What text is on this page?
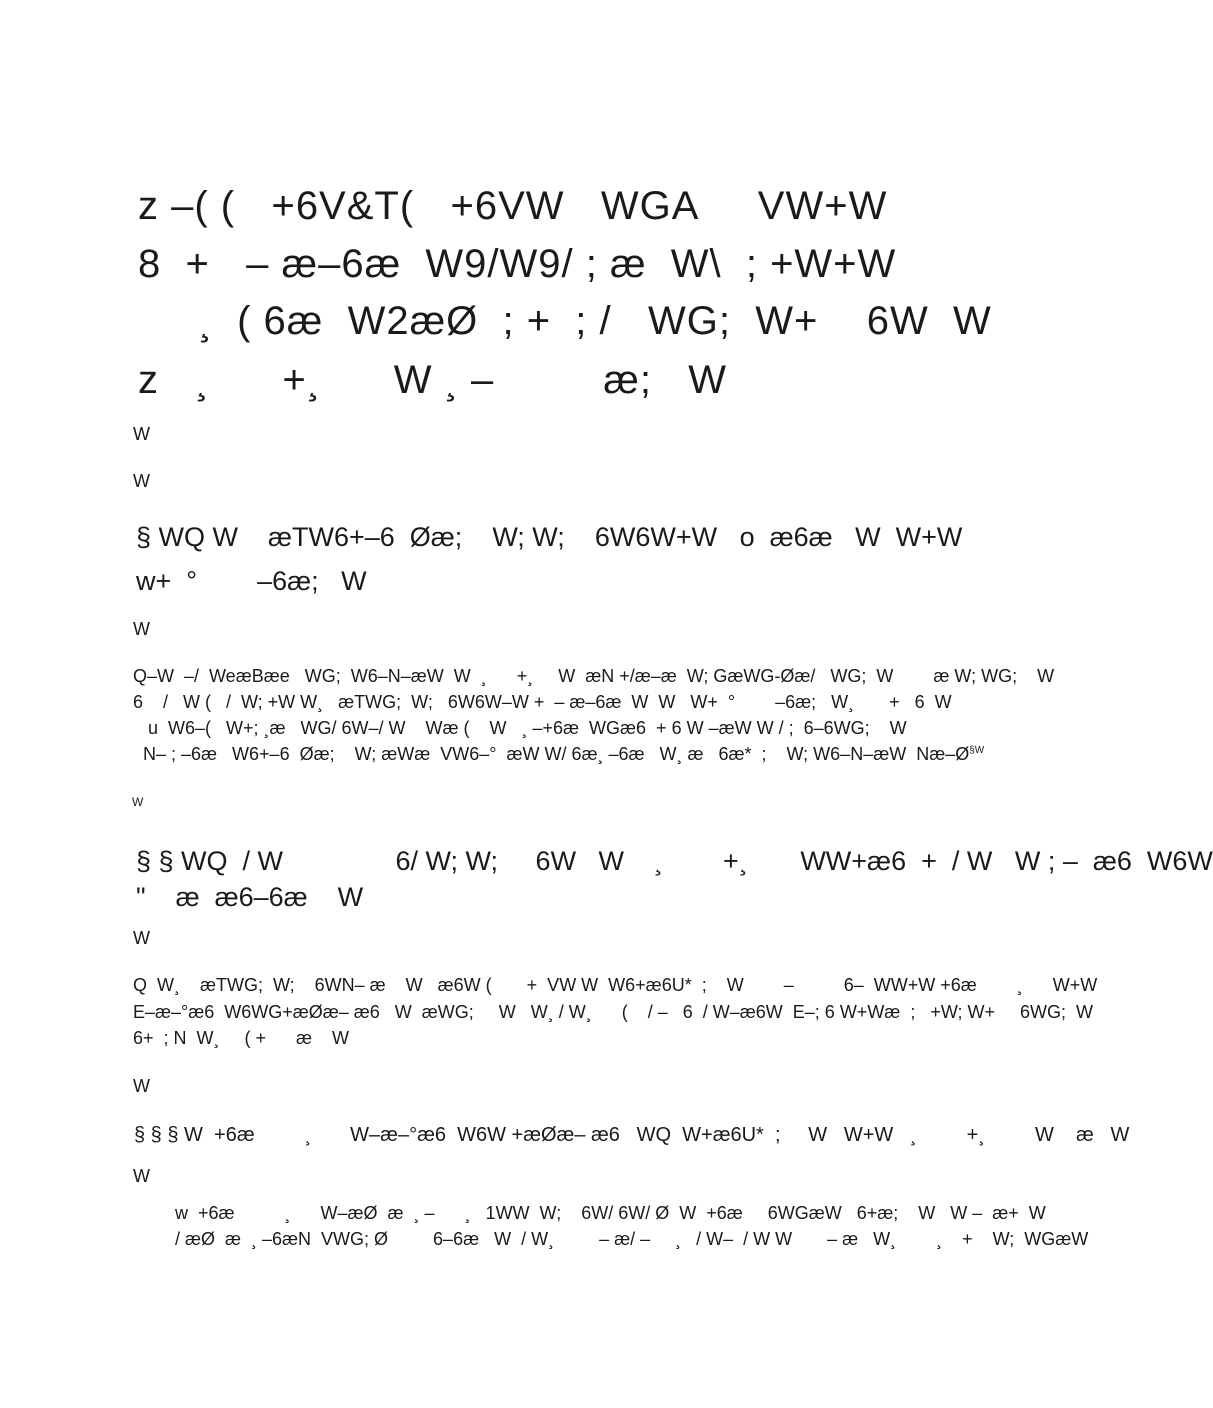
z –( (   +6V&T(   +6VW   WGA     VW+W
8  +   – æ–6æ  W9/W9/ ; æ  W\  ; +W+W
¸  ( 6æ  W2æØ  ; +  ; /   WG;  W+    6W  W
z   ¸      +¸      W ¸ –         æ;   W
W
W
§ WQ W    æTW6+–6  Øæ;    W; W;    6W6W+W   o  æ6æ   W  W+W
w+  °        –6æ;   W
W
Q–W  –/  WeæBæe   WG;  W6–N–æW  W  ¸      +¸     W  æN +/æ–æ  W; GæWG-Øæ/   WG;  W        æ W; WG;    W
6    /   W (   /  W; +W W¸   æTWG;  W;   6W6W–W +  – æ–6æ  W  W   W+  °        –6æ;   W¸       +   6  W
u  W6–(   W+; ¸æ   WG/ 6W–/ W    Wæ (    W   ¸ –+6æ  WGæ6  + 6 W –æW W / ;  6–6WG;    W
N– ; –6æ   W6+–6  Øæ;    W; æWæ  VW6–°  æW W/ 6æ¸ –6æ   W¸ æ   6æ*  ;    W; W6–N–æW  Næ–Ø$^{\S W}$
W
§ § WQ  / W               6/ W; W;     6W   W    ¸        +¸       WW+æ6  +  / W   W ; –  æ6  W6W
"    æ  æ6–6æ    W
W
Q  W¸    æTWG;  W;    6WN– æ    W   æ6W (       +  VW W  W6+æ6U*  ;    W        –          6–  WW+W +6æ        ¸      W+W
E–æ–°æ6  W6WG+æØæ– æ6   W  æWG;     W   W¸ / W¸      (    / –   6  / W–æ6W  E–; 6 W+Wæ  ;   +W; W+     6WG;  W
6+  ; N  W¸     ( +      æ    W
W
§ § § W  +6æ         ¸       W–æ–°æ6  W6W +æØæ– æ6   WQ  W+æ6U*  ;     W   W+W   ¸         +¸         W    æ   W
W
w  +6æ          ¸      W–æØ  æ  ¸ –      ¸   1WW  W;    6W/ 6W/ Ø  W  +6æ     6WGæW   6+æ;    W   W –  æ+  W
/ æØ  æ  ¸ –6æN  VWG; Ø         6–6æ   W  / W¸         – æ/ –     ¸   / W–  / W W       – æ   W¸        ¸    +    W;  WGæW
